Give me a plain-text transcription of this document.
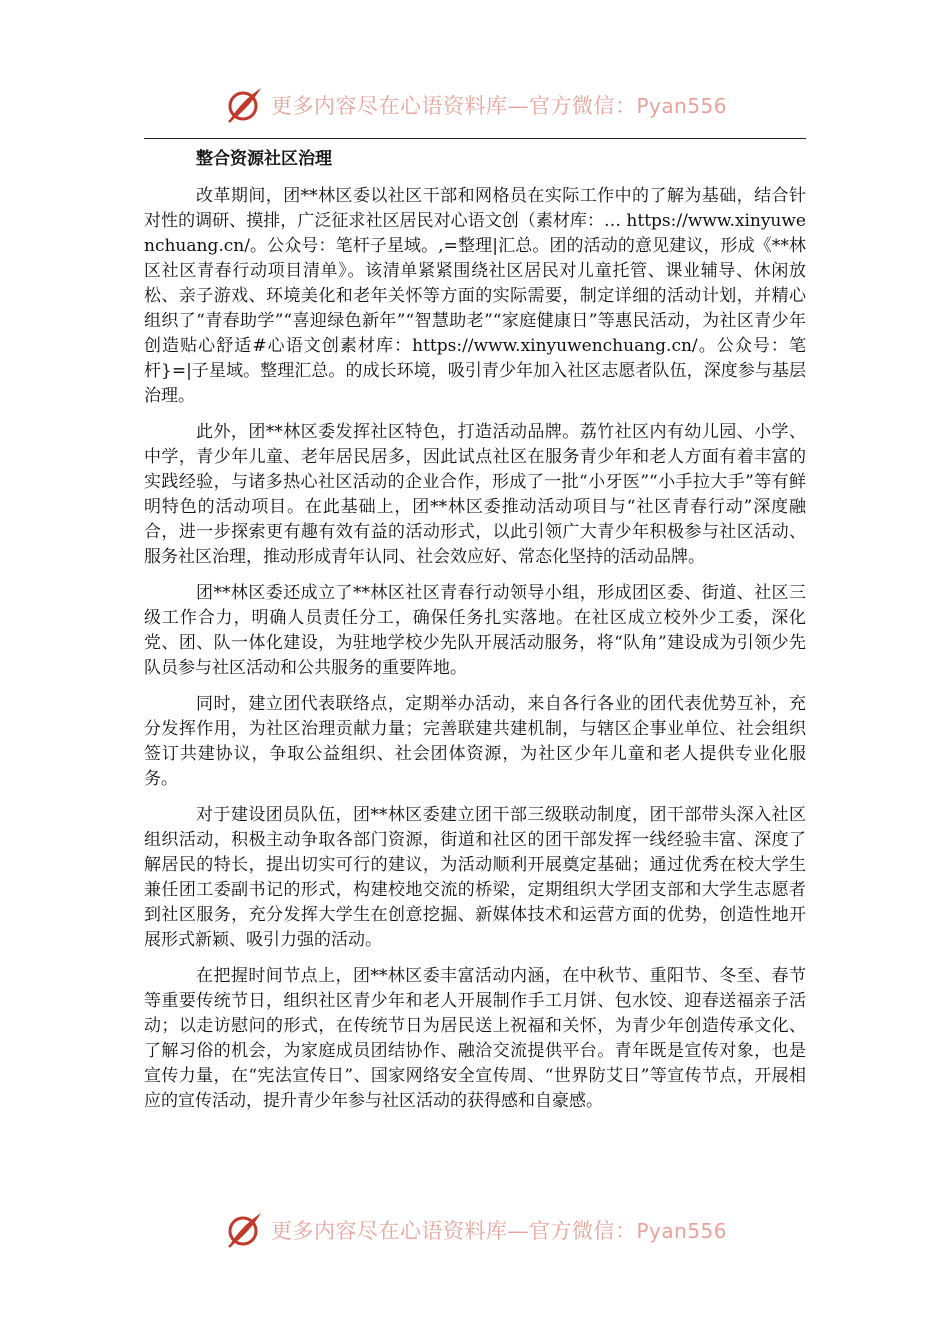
更多内容尽在心语资料库—官方微信：Pyan556
整合资源社区治理

改革期间，团**林区委以社区干部和网格员在实际工作中的了解为基础，结合针对性的调研、摸排，广泛征求社区居民对心语文创（素材库：… https://www.xinyuwenchuang.cn/。公众号：笔杆子星域。,=整理|汇总。团的活动的意见建议，形成《**林区社区青春行动项目清单》。该清单紧紧围绕社区居民对儿童托管、课业辅导、休闲放松、亲子游戏、环境美化和老年关怀等方面的实际需要，制定详细的活动计划，并精心组织了“青春助学”“喜迎绿色新年”“智慧助老”“家庭健康日”等惠民活动，为社区青少年创造贴心舒适#心语文创素材库：https://www.xinyuwenchuang.cn/。公众号：笔杆}=|子星域。整理汇总。的成长环境，吸引青少年加入社区志愿者队伍，深度参与基层治理。

此外，团**林区委发挥社区特色，打造活动品牌。荔竹社区内有幼儿园、小学、中学，青少年儿童、老年居民居多，因此试点社区在服务青少年和老人方面有着丰富的实践经验，与诸多热心社区活动的企业合作，形成了一批“小牙医”“小手拉大手”等有鲜明特色的活动项目。在此基础上，团**林区委推动活动项目与“社区青春行动”深度融合，进一步探索更有趣有效有益的活动形式，以此引领广大青少年积极参与社区活动、服务社区治理，推动形成青年认同、社会效应好、常态化坚持的活动品牌。

团**林区委还成立了**林区社区青春行动领导小组，形成团区委、街道、社区三级工作合力，明确人员责任分工，确保任务扎实落地。在社区成立校外少工委，深化党、团、队一体化建设，为驻地学校少先队开展活动服务，将“队角”建设成为引领少先队员参与社区活动和公共服务的重要阵地。

同时，建立团代表联络点，定期举办活动，来自各行各业的团代表优势互补，充分发挥作用，为社区治理贡献力量；完善联建共建机制，与辖区企事业单位、社会组织签订共建协议，争取公益组织、社会团体资源，为社区少年儿童和老人提供专业化服务。

对于建设团员队伍，团**林区委建立团干部三级联动制度，团干部带头深入社区组织活动，积极主动争取各部门资源，街道和社区的团干部发挥一线经验丰富、深度了解居民的特长，提出切实可行的建议，为活动顺利开展奠定基础；通过优秀在校大学生兼任团工委副书记的形式，构建校地交流的桥梁，定期组织大学团支部和大学生志愿者到社区服务，充分发挥大学生在创意挖掘、新媒体技术和运营方面的优势，创造性地开展形式新颖、吸引力强的活动。

在把握时间节点上，团**林区委丰富活动内涵，在中秋节、重阳节、冬至、春节等重要传统节日，组织社区青少年和老人开展制作手工月饼、包水饺、迎春送福亲子活动；以走访慰问的形式，在传统节日为居民送上祝福和关怀，为青少年创造传承文化、了解习俗的机会，为家庭成员团结协作、融洽交流提供平台。青年既是宣传对象，也是宣传力量，在“宪法宣传日”、国家网络安全宣传周、“世界防艾日”等宣传节点，开展相应的宣传活动，提升青少年参与社区活动的获得感和自豪感。

更多内容尽在心语资料库—官方微信：Pyan556
